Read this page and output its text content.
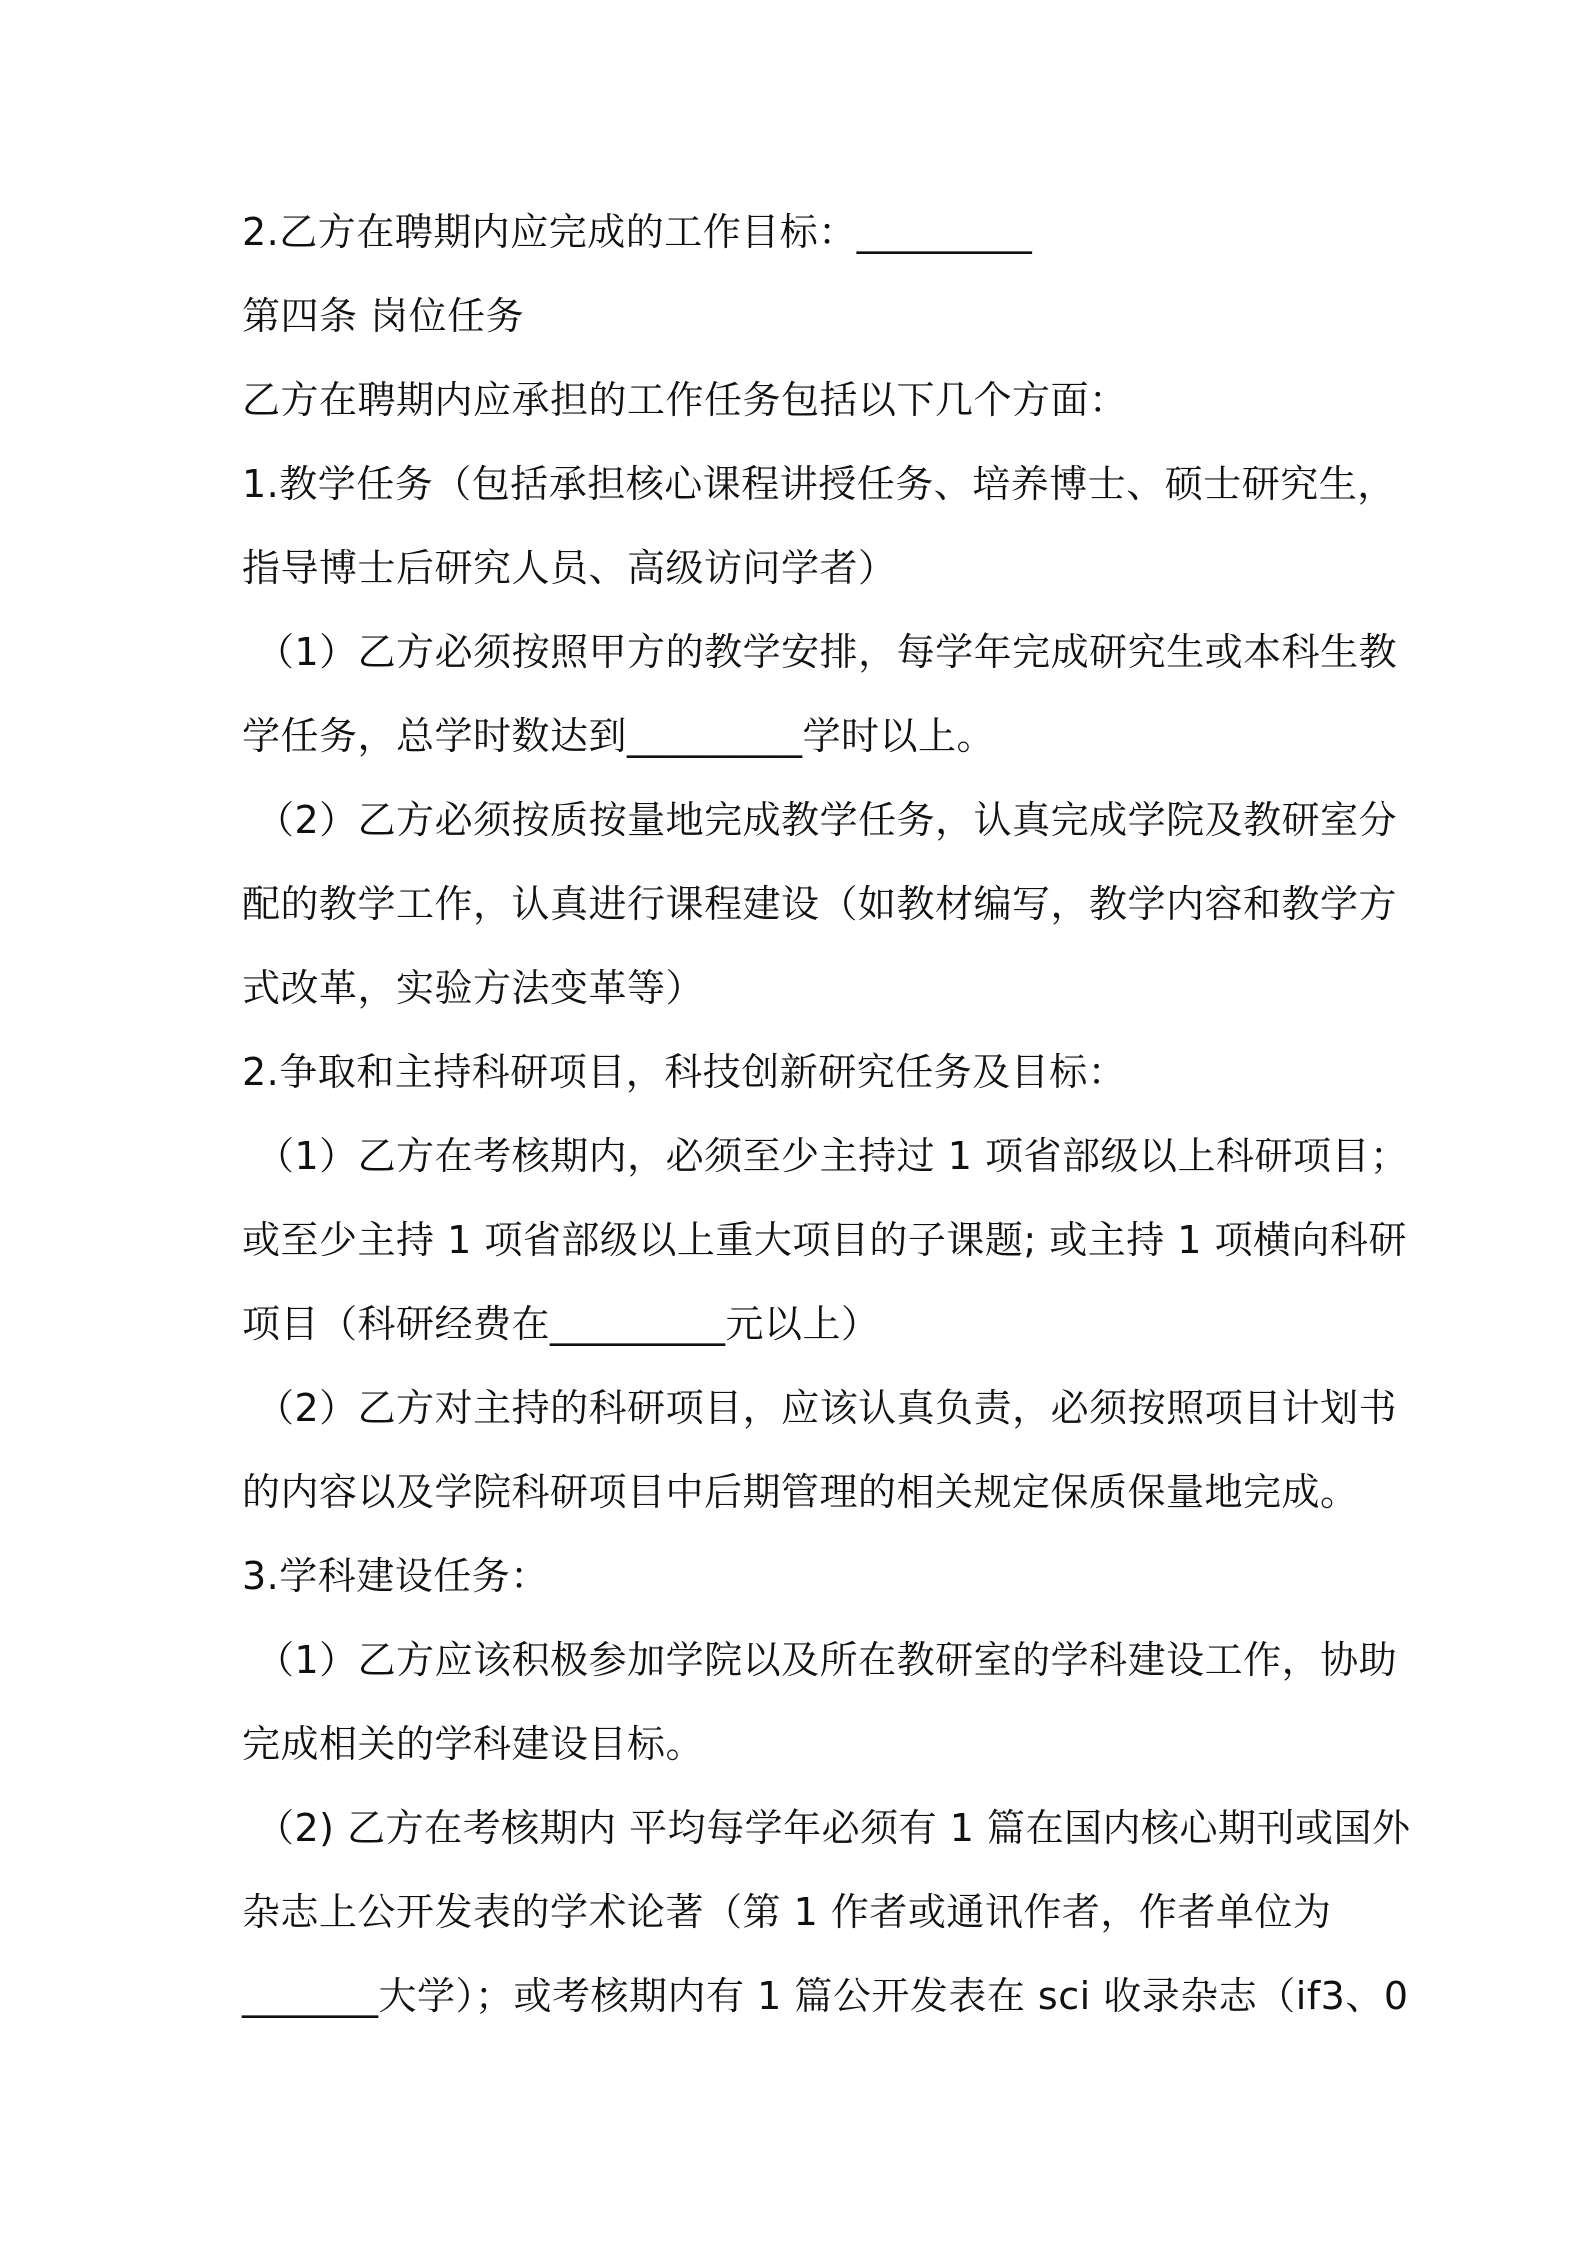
2.乙方在聘期内应完成的工作目标：_________
第四条 岗位任务
乙方在聘期内应承担的工作任务包括以下几个方面：
1.教学任务（包括承担核心课程讲授任务、培养博士、硕士研究生，
指导博士后研究人员、高级访问学者）
（1）乙方必须按照甲方的教学安排，每学年完成研究生或本科生教
学任务，总学时数达到_________学时以上。
（2）乙方必须按质按量地完成教学任务，认真完成学院及教研室分
配的教学工作，认真进行课程建设（如教材编写，教学内容和教学方
式改革，实验方法变革等）
2.争取和主持科研项目，科技创新研究任务及目标：
（1）乙方在考核期内，必须至少主持过 1 项省部级以上科研项目；
或至少主持 1 项省部级以上重大项目的子课题; 或主持 1 项横向科研
项目（科研经费在_________元以上）
（2）乙方对主持的科研项目，应该认真负责，必须按照项目计划书
的内容以及学院科研项目中后期管理的相关规定保质保量地完成。
3.学科建设任务：
（1）乙方应该积极参加学院以及所在教研室的学科建设工作，协助
完成相关的学科建设目标。
（2) 乙方在考核期内 平均每学年必须有 1 篇在国内核心期刊或国外
杂志上公开发表的学术论著（第 1 作者或通讯作者，作者单位为
_______大学）；或考核期内有 1 篇公开发表在 sci 收录杂志（if3、0
